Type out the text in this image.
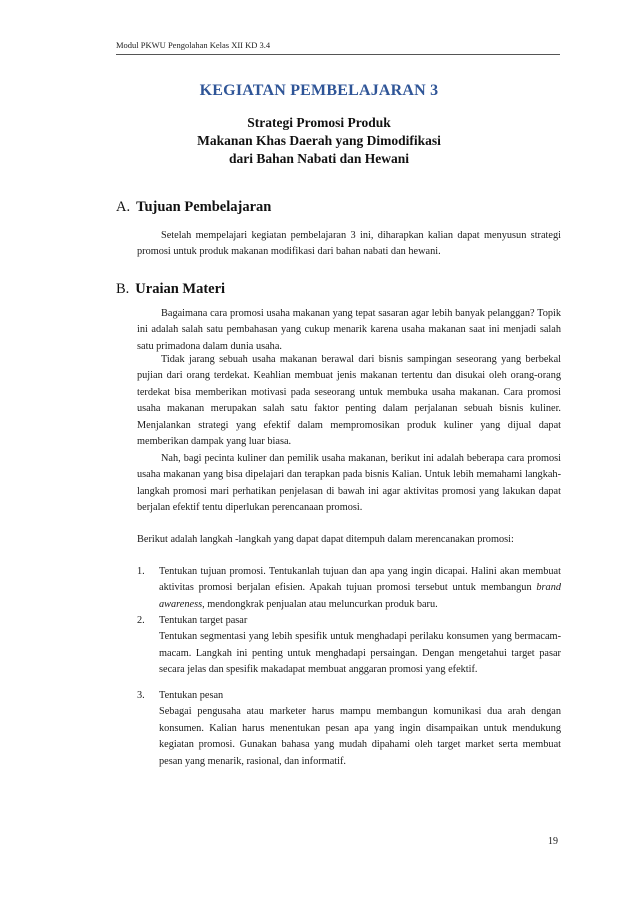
Modul PKWU Pengolahan Kelas XII KD 3.4
KEGIATAN PEMBELAJARAN 3
Strategi Promosi Produk
Makanan Khas Daerah yang Dimodifikasi
dari Bahan Nabati dan Hewani
A. Tujuan Pembelajaran
Setelah mempelajari kegiatan pembelajaran 3 ini, diharapkan kalian dapat menyusun strategi promosi untuk produk makanan modifikasi dari bahan nabati dan hewani.
B. Uraian Materi
Bagaimana cara promosi usaha makanan yang tepat sasaran agar lebih banyak pelanggan? Topik ini adalah salah satu pembahasan yang cukup menarik karena usaha makanan saat ini menjadi salah satu primadona dalam dunia usaha.
Tidak jarang sebuah usaha makanan berawal dari bisnis sampingan seseorang yang berbekal pujian dari orang terdekat. Keahlian membuat jenis makanan tertentu dan disukai oleh orang-orang terdekat bisa memberikan motivasi pada seseorang untuk membuka usaha makanan. Cara promosi usaha makanan merupakan salah satu faktor penting dalam perjalanan sebuah bisnis kuliner. Menjalankan strategi yang efektif dalam mempromosikan produk kuliner yang dijual dapat memberikan dampak yang luar biasa.
Nah, bagi pecinta kuliner dan pemilik usaha makanan, berikut ini adalah beberapa cara promosi usaha makanan yang bisa dipelajari dan terapkan pada bisnis Kalian. Untuk lebih memahami langkah-langkah promosi mari perhatikan penjelasan di bawah ini agar aktivitas promosi yang lakukan dapat berjalan efektif tentu diperlukan perencanaan promosi.
Berikut adalah langkah -langkah yang dapat dapat ditempuh dalam merencanakan promosi:
1.	Tentukan tujuan promosi. Tentukanlah tujuan dan apa yang ingin dicapai. Halini akan membuat aktivitas promosi berjalan efisien. Apakah tujuan promosi tersebut untuk membangun brand awareness, mendongkrak penjualan atau meluncurkan produk baru.
2.	Tentukan target pasar
Tentukan segmentasi yang lebih spesifik untuk menghadapi perilaku konsumen yang bermacam-macam. Langkah ini penting untuk menghadapi persaingan. Dengan mengetahui target pasar secara jelas dan spesifik makadapat membuat anggaran promosi yang efektif.
3.	Tentukan pesan
Sebagai pengusaha atau marketer harus mampu membangun komunikasi dua arah dengan konsumen. Kalian harus menentukan pesan apa yang ingin disampaikan untuk mendukung kegiatan promosi. Gunakan bahasa yang mudah dipahami oleh target market serta membuat pesan yang menarik, rasional, dan informatif.
19
